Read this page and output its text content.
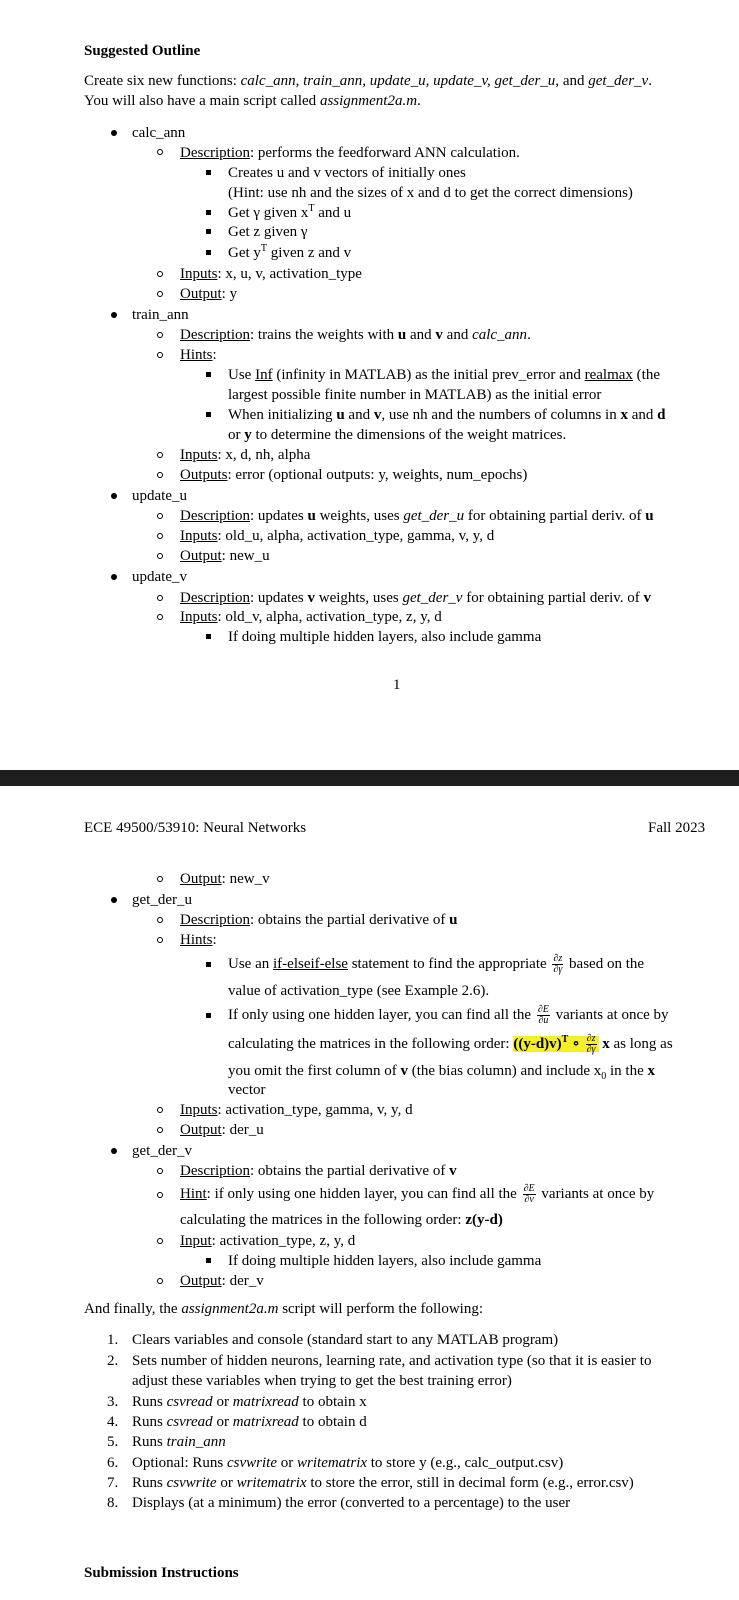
Suggested Outline
Create six new functions: calc_ann, train_ann, update_u, update_v, get_der_u, and get_der_v.
You will also have a main script called assignment2a.m.
calc_ann
Description: performs the feedforward ANN calculation.
Creates u and v vectors of initially ones
(Hint: use nh and the sizes of x and d to get the correct dimensions)
Get γ given $x^T$ and u
Get z given γ
Get $y^T$ given z and v
Inputs: x, u, v, activation_type
Output: y
train_ann
Description: trains the weights with u and v and calc_ann.
Hints:
Use Inf (infinity in MATLAB) as the initial prev_error and realmax (the
largest possible finite number in MATLAB) as the initial error
When initializing u and v, use nh and the numbers of columns in x and d
or y to determine the dimensions of the weight matrices.
Inputs: x, d, nh, alpha
Outputs: error (optional outputs: y, weights, num_epochs)
update_u
Description: updates u weights, uses get_der_u for obtaining partial deriv. of u
Inputs: old_u, alpha, activation_type, gamma, v, y, d
Output: new_u
update_v
Description: updates v weights, uses get_der_v for obtaining partial deriv. of v
Inputs: old_v, alpha, activation_type, z, y, d
If doing multiple hidden layers, also include gamma
1
ECE 49500/53910: Neural Networks	Fall 2023
Output: new_v
get_der_u
Description: obtains the partial derivative of u
Hints:
Use an if-elseif-else statement to find the appropriate $\frac{\partial z}{\partial\gamma}$ based on the
value of activation_type (see Example 2.6).
If only using one hidden layer, you can find all the $\frac{\partial E}{\partial u}$ variants at once by
calculating the matrices in the following order: $((y-d)v)^T$ ∘ $\frac{\partial z}{\partial\gamma}$ x as long as
you omit the first column of v (the bias column) and include $x_0$ in the x
vector
Inputs: activation_type, gamma, v, y, d
Output: der_u
get_der_v
Description: obtains the partial derivative of v
Hint: if only using one hidden layer, you can find all the $\frac{\partial E}{\partial v}$ variants at once by
calculating the matrices in the following order: z(y-d)
Input: activation_type, z, y, d
If doing multiple hidden layers, also include gamma
Output: der_v
And finally, the assignment2a.m script will perform the following:
1. Clears variables and console (standard start to any MATLAB program)
2. Sets number of hidden neurons, learning rate, and activation type (so that it is easier to
adjust these variables when trying to get the best training error)
3. Runs csvread or matrixread to obtain x
4. Runs csvread or matrixread to obtain d
5. Runs train_ann
6. Optional: Runs csvwrite or writematrix to store y (e.g., calc_output.csv)
7. Runs csvwrite or writematrix to store the error, still in decimal form (e.g., error.csv)
8. Displays (at a minimum) the error (converted to a percentage) to the user
Submission Instructions
